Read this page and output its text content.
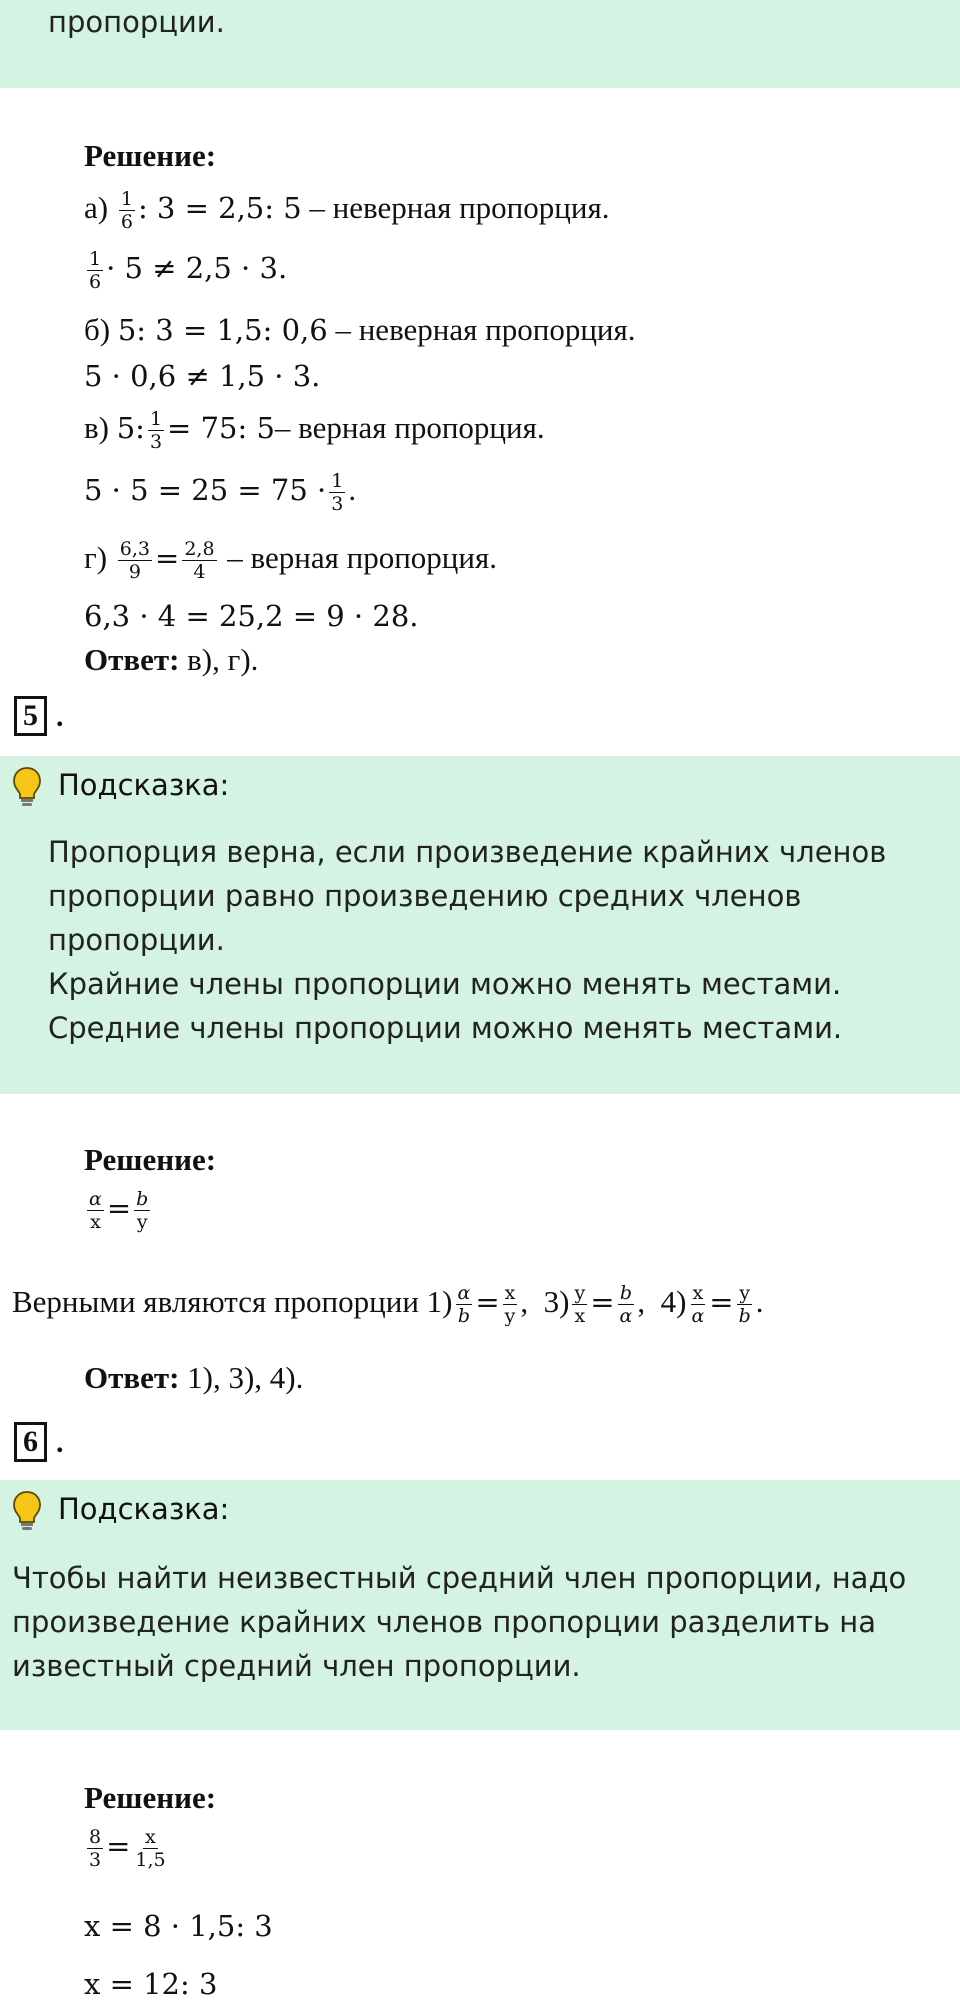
пропорции.
Решение:
$а) \frac{1}{6}$ : 3 = 2,5: 5 – неверная пропорция.
$\frac{1}{6} \cdot 5 \ne 2,5 \cdot 3$.
б) 5: 3 = 1,5: 0,6 – неверная пропорция.
5 · 0,6 ≠ 1,5 · 3.
в) 5: $\frac{1}{3} = 75$: 5– верная пропорция.
$5 \cdot 5 = 25 = 75 \cdot \frac{1}{3}$ .
$г) \frac{6,3}{9} = \frac{2,8}{4}$ – верная пропорция.
6,3 · 4 = 25,2 = 9 · 28.
Ответ: в), г).
5 .
Подсказка:
Пропорция верна, если произведение крайних членов
пропорции равно произведению средних членов
пропорции.
Крайние члены пропорции можно менять местами.
Средние члены пропорции можно менять местами.
Решение:
$\frac{\alpha}{x} = \frac{b}{y}$
Верными являются пропорции $1) \frac{\alpha}{b} = \frac{x}{y}$ ,  $3) \frac{y}{x} = \frac{b}{\alpha}$ ,  $4) \frac{x}{\alpha} = \frac{y}{b}$ .
Ответ: 1), 3), 4).
6 .
Подсказка:
Чтобы найти неизвестный средний член пропорции, надо
произведение крайних членов пропорции разделить на
известный средний член пропорции.
Решение:
$\frac{8}{3} = \frac{x}{1,5}$
x = 8 · 1,5: 3
x = 12: 3
